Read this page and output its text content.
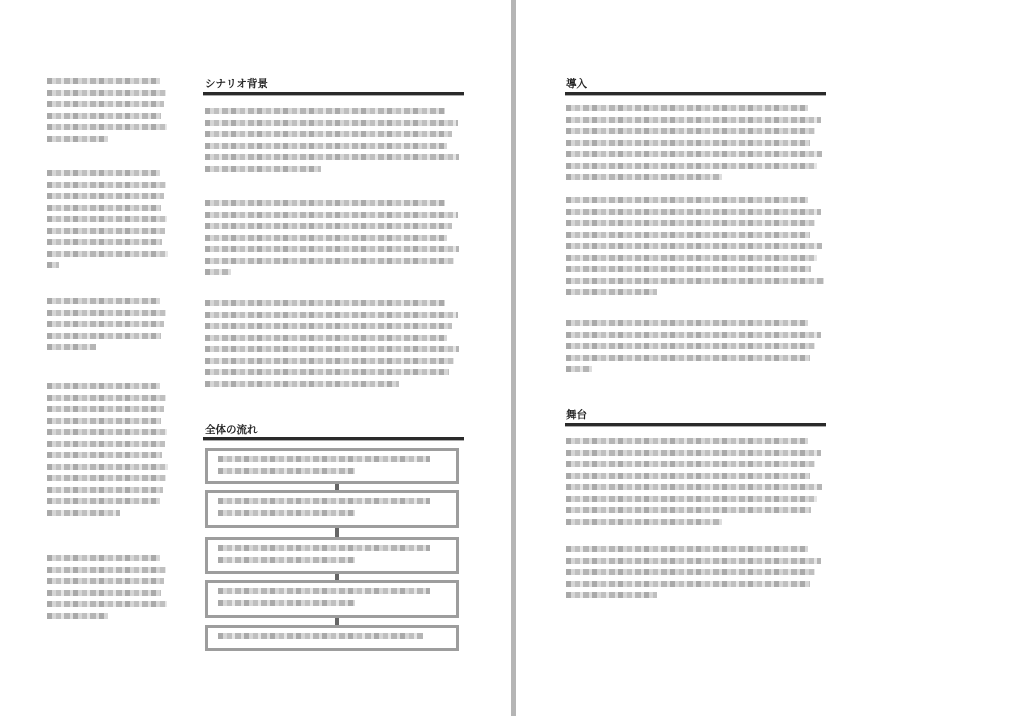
シナリオ背景
全体の流れ
導入
舞台
